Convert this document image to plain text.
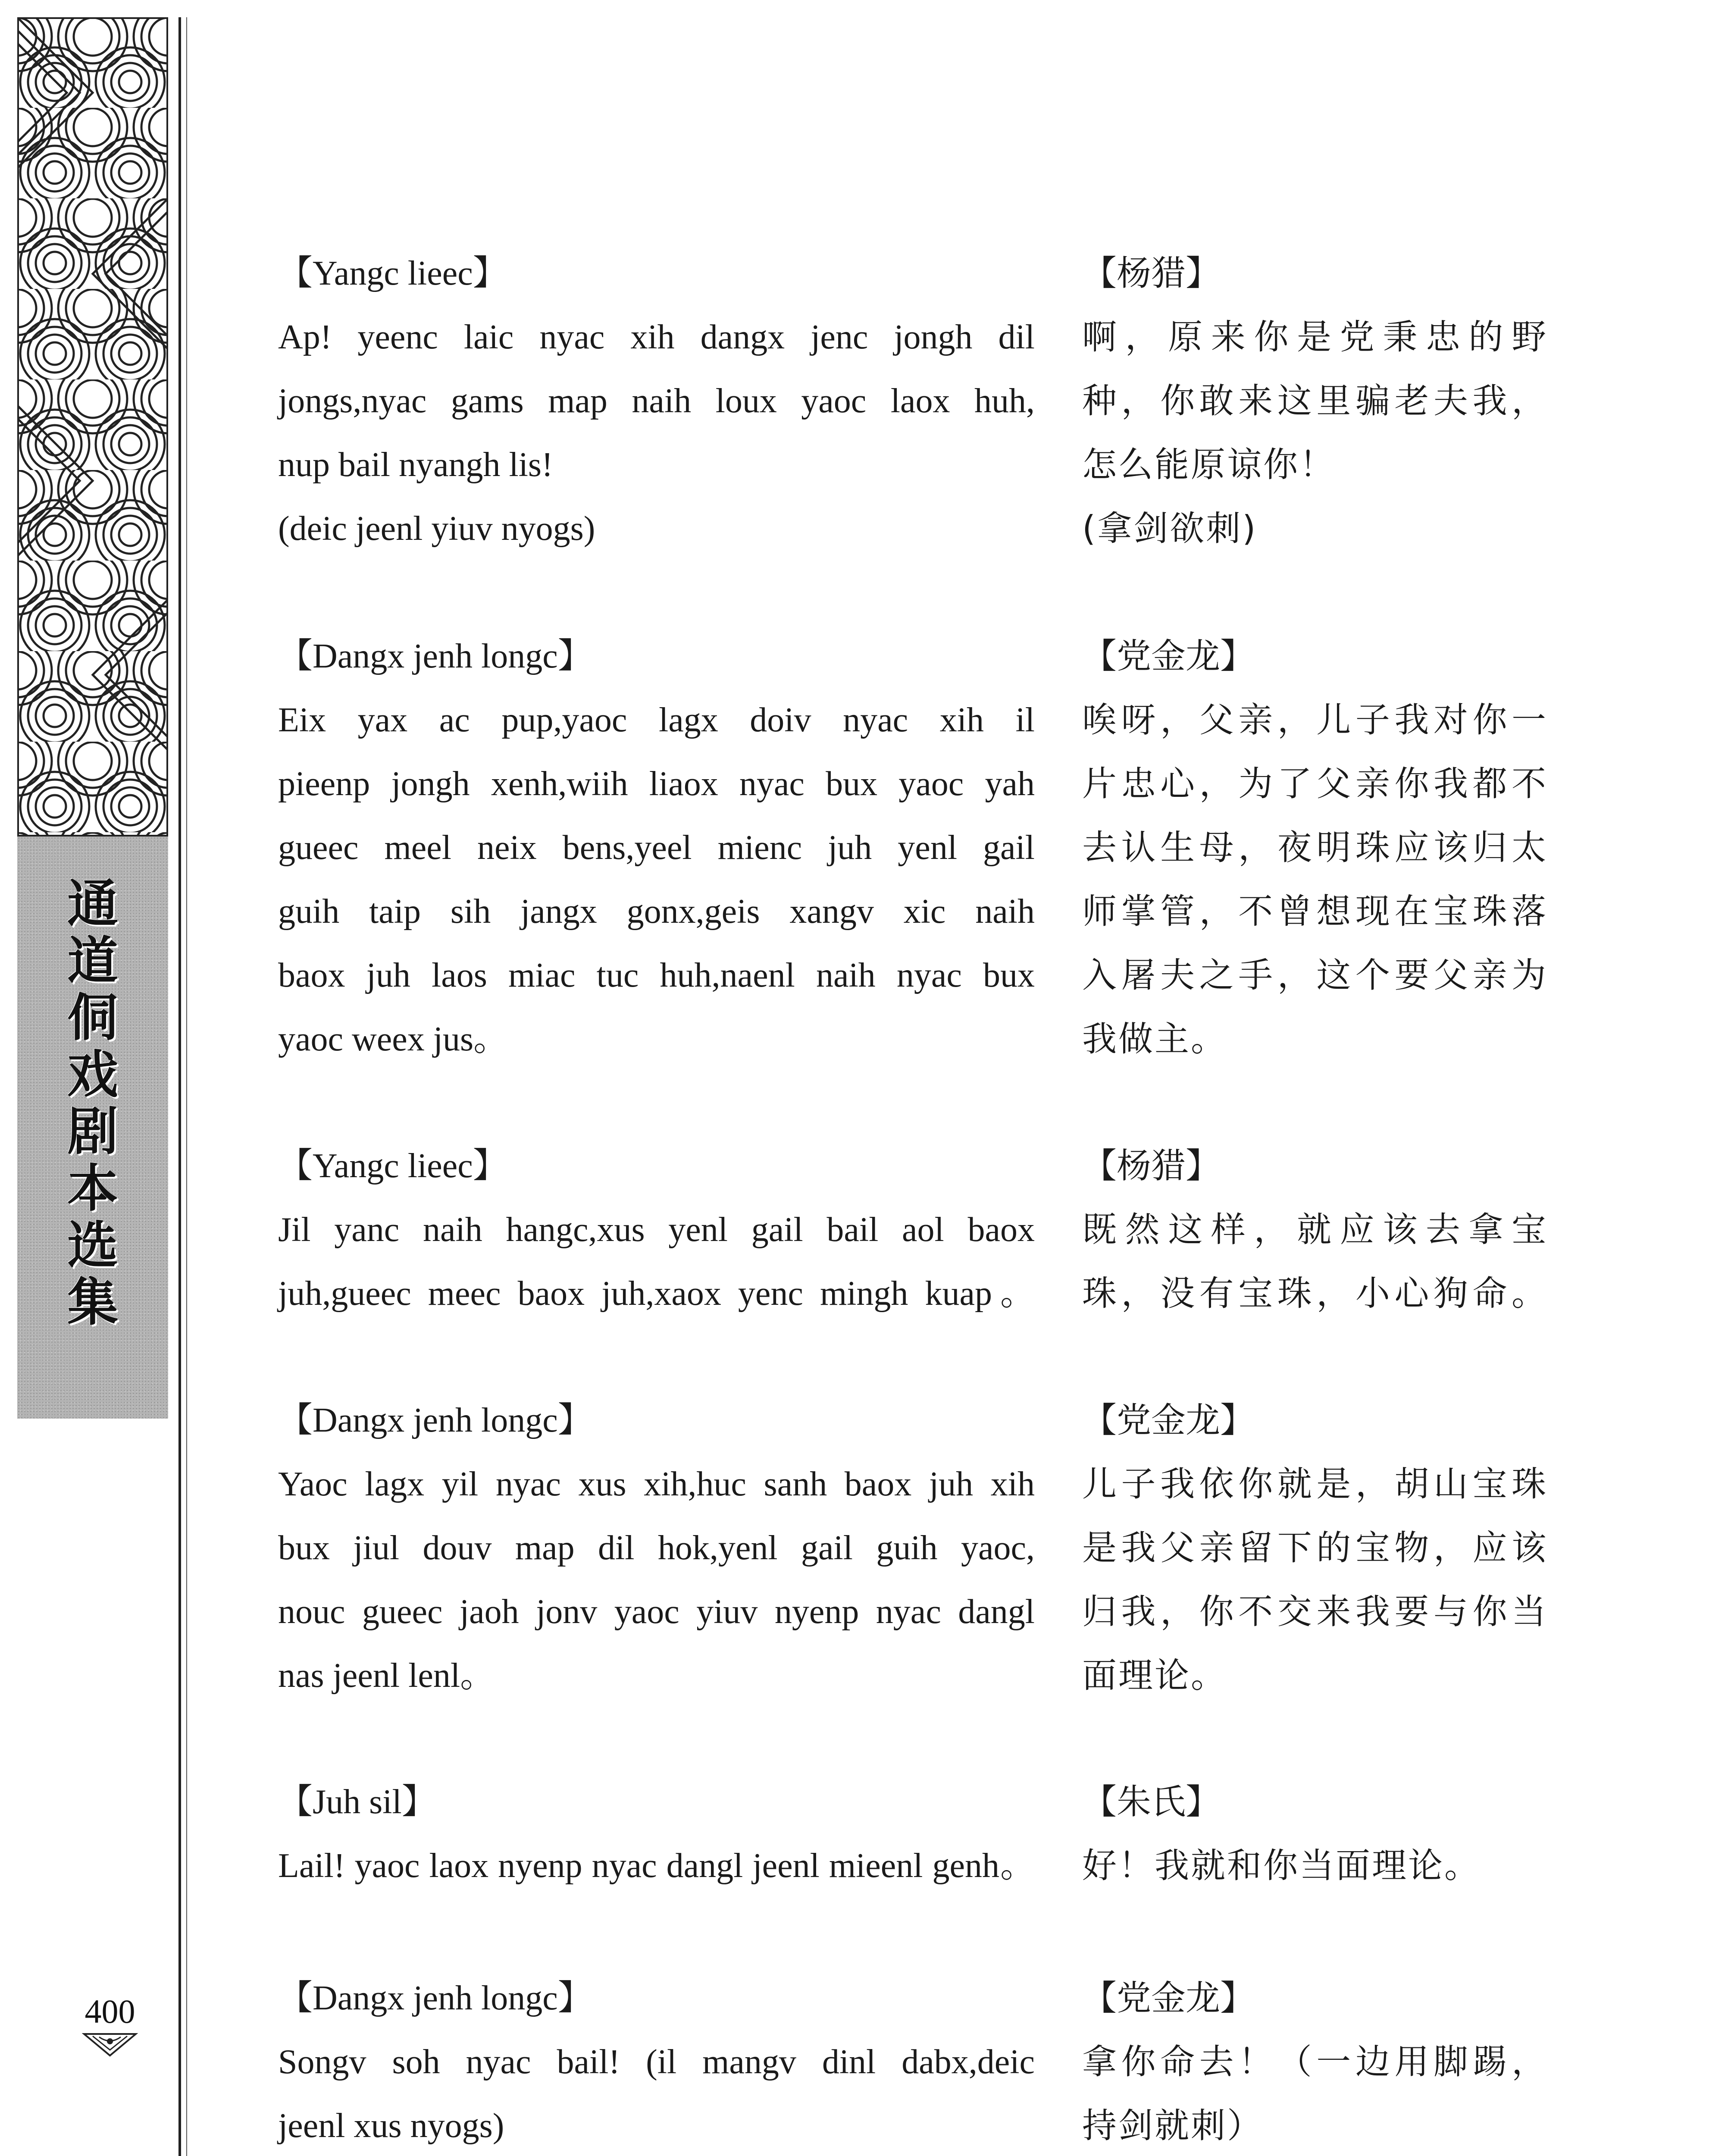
通
道
侗
戏
剧
本
选
集
400
【Yangc lieec】
Ap! yeenc laic nyac xih dangx jenc jongh dil
jongs,nyac gams map naih loux yaoc laox huh,
nup bail nyangh lis!
(deic jeenl yiuv nyogs)
【Dangx jenh longc】
Eix yax ac pup,yaoc lagx doiv nyac xih il
pieenp jongh xenh,wiih liaox nyac bux yaoc yah
gueec meel neix bens,yeel mienc juh yenl gail
guih taip sih jangx gonx,geis xangv xic naih
baox juh laos miac tuc huh,naenl naih nyac bux
yaoc weex jus。
【Yangc lieec】
Jil yanc naih hangc,xus yenl gail bail aol baox
juh,gueec meec baox juh,xaox yenc mingh kuap。
【Dangx jenh longc】
Yaoc lagx yil nyac xus xih,huc sanh baox juh xih
bux jiul douv map dil hok,yenl gail guih yaoc,
nouc gueec jaoh jonv yaoc yiuv nyenp nyac dangl
nas jeenl lenl。
【Juh sil】
Lail! yaoc laox nyenp nyac dangl jeenl mieenl genh。
【Dangx jenh longc】
Songv soh nyac bail! (il mangv dinl dabx,deic
jeenl xus nyogs)
【杨猎】
啊，原来你是党秉忠的野
种，你敢来这里骗老夫我，
怎么能原谅你！
(拿剑欲刺)
【党金龙】
唉呀，父亲，儿子我对你一
片忠心，为了父亲你我都不
去认生母，夜明珠应该归太
师掌管，不曾想现在宝珠落
入屠夫之手，这个要父亲为
我做主。
【杨猎】
既然这样，就应该去拿宝
珠，没有宝珠，小心狗命。
【党金龙】
儿子我依你就是，胡山宝珠
是我父亲留下的宝物，应该
归我，你不交来我要与你当
面理论。
【朱氏】
好！我就和你当面理论。
【党金龙】
拿你命去！（一边用脚踢，
持剑就刺）
